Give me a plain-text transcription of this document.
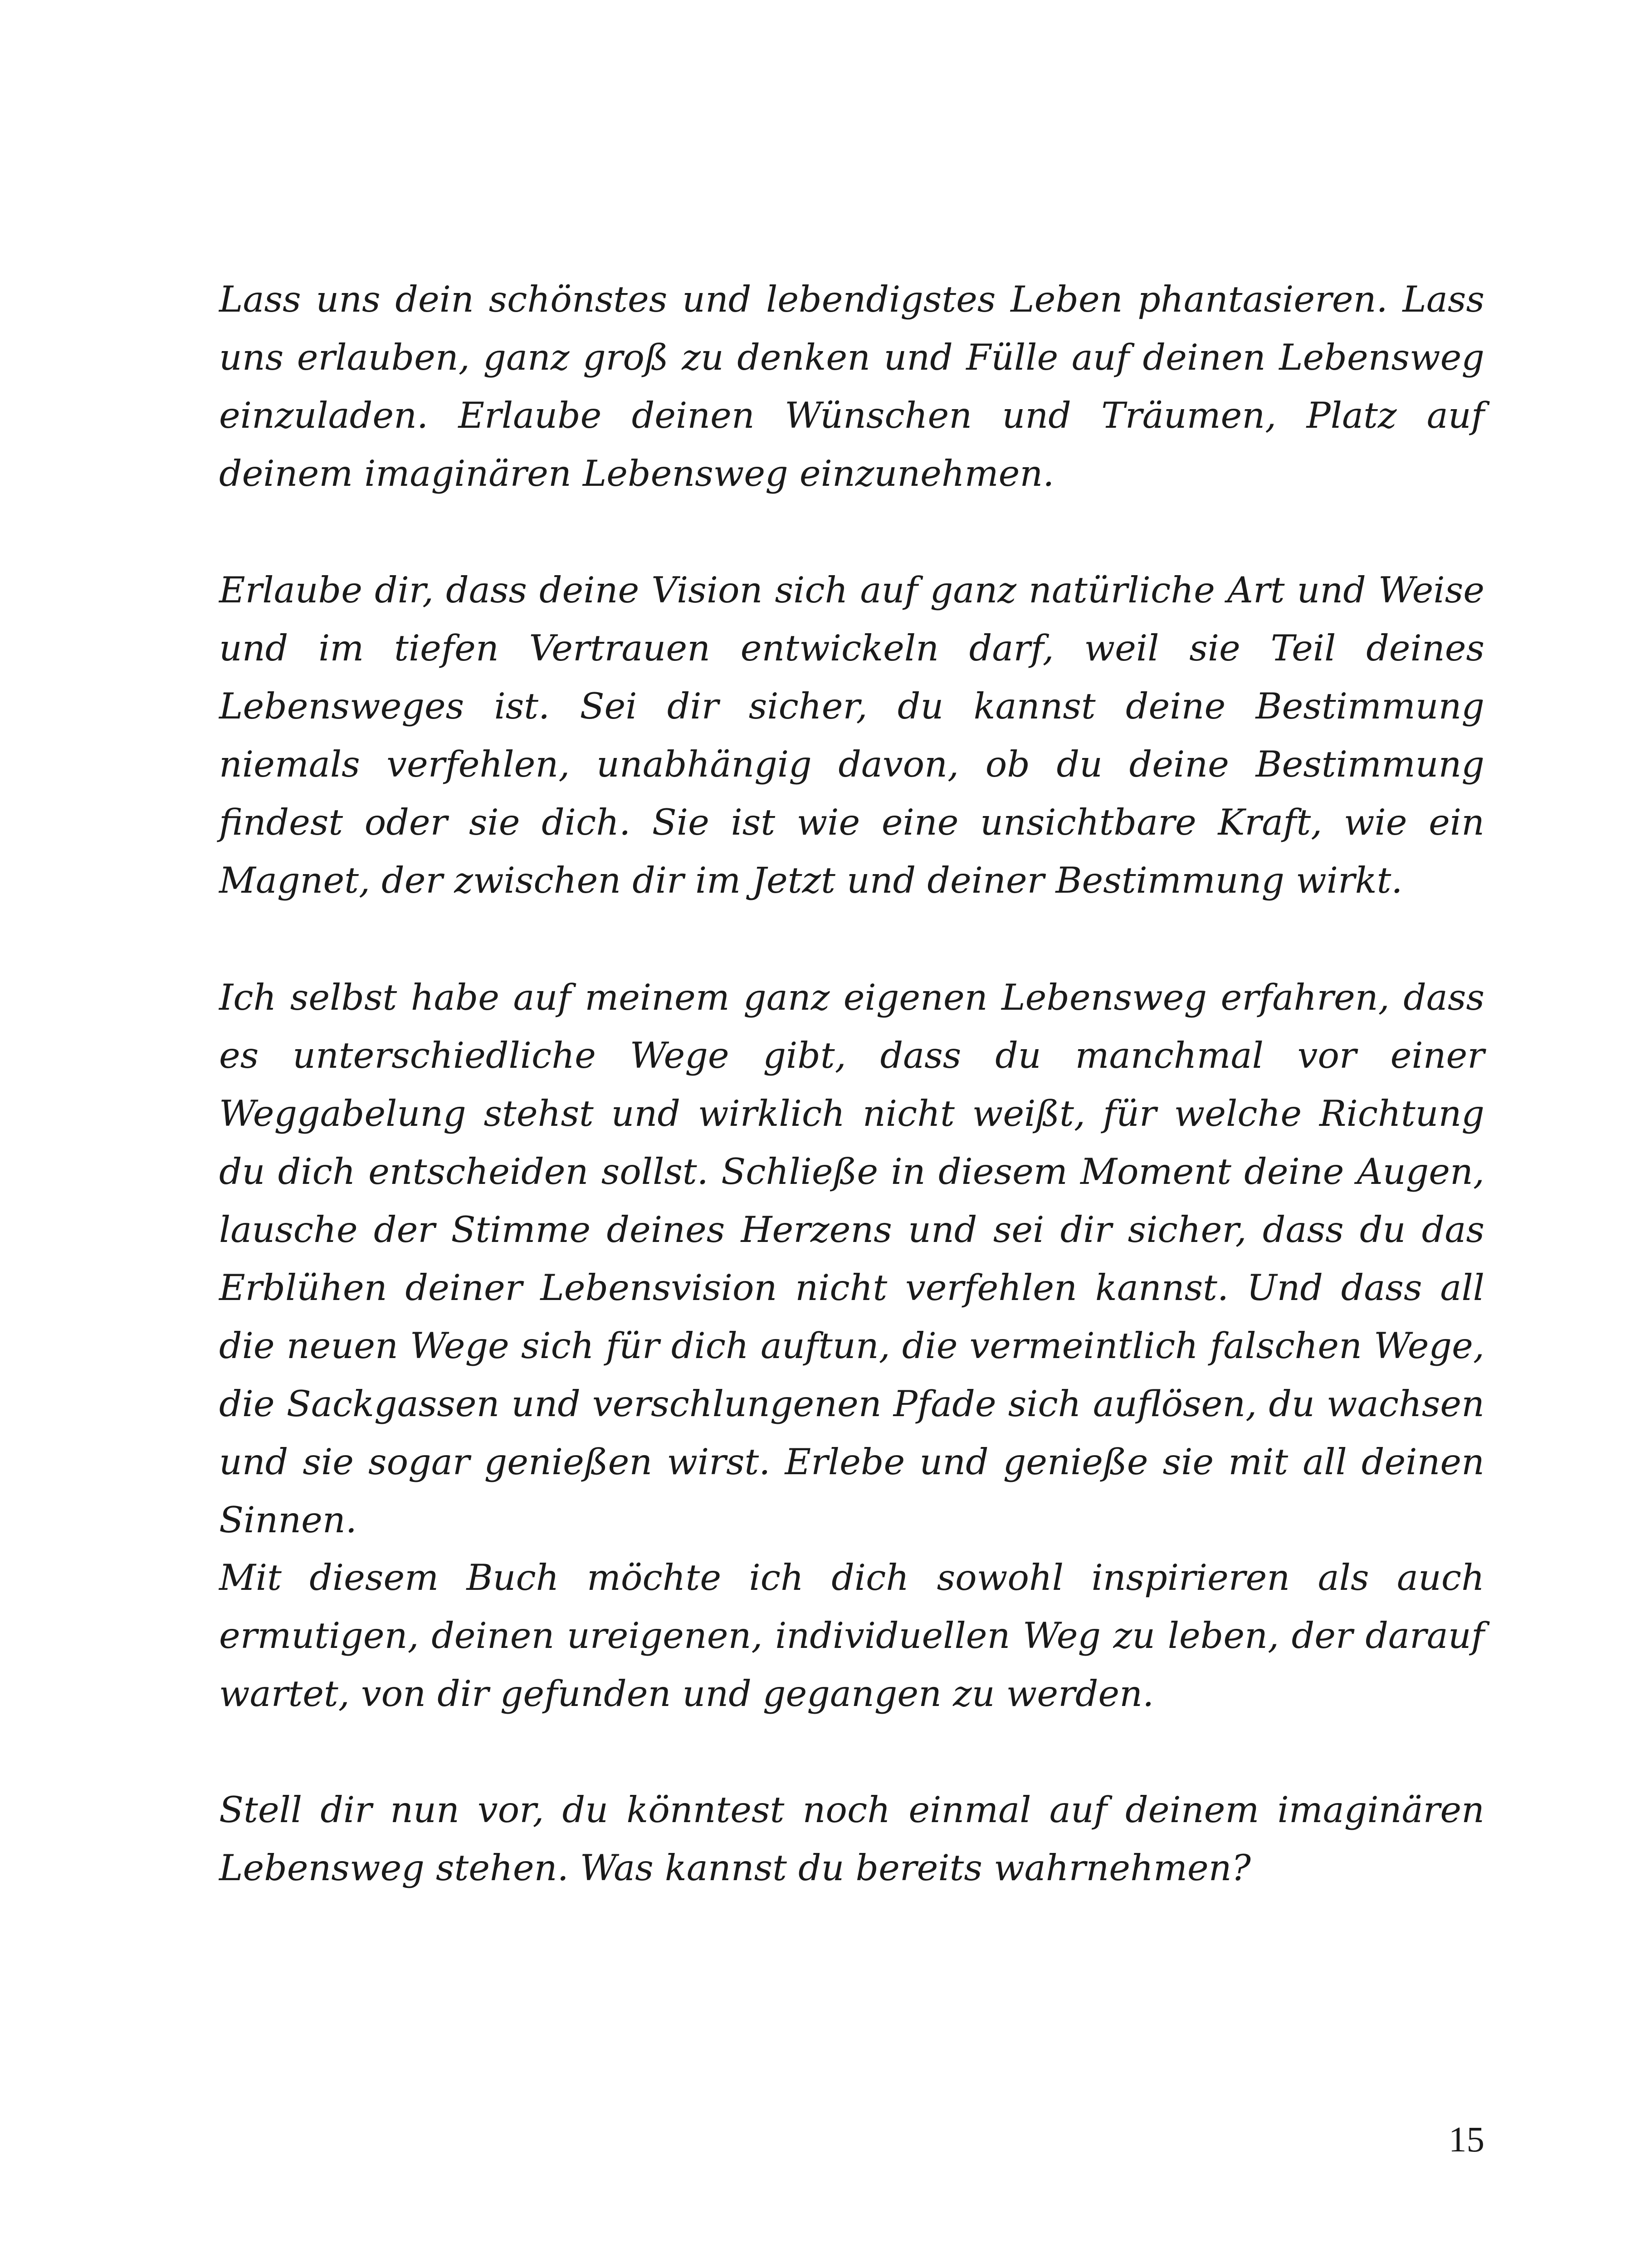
Lass uns dein schönstes und lebendigstes Leben phantasieren. Lass uns erlauben, ganz groß zu denken und Fülle auf deinen Lebensweg einzuladen. Erlaube deinen Wünschen und Träumen, Platz auf deinem imaginären Lebensweg einzunehmen.

Erlaube dir, dass deine Vision sich auf ganz natürliche Art und Weise und im tiefen Vertrauen entwickeln darf, weil sie Teil deines Lebensweges ist. Sei dir sicher, du kannst deine Bestimmung niemals verfehlen, unabhängig davon, ob du deine Bestimmung findest oder sie dich. Sie ist wie eine unsichtbare Kraft, wie ein Magnet, der zwischen dir im Jetzt und deiner Bestimmung wirkt.

Ich selbst habe auf meinem ganz eigenen Lebensweg erfahren, dass es unterschiedliche Wege gibt, dass du manchmal vor einer Weggabelung stehst und wirklich nicht weißt, für welche Richtung du dich entscheiden sollst. Schließe in diesem Moment deine Augen, lausche der Stimme deines Herzens und sei dir sicher, dass du das Erblühen deiner Lebensvision nicht verfehlen kannst. Und dass all die neuen Wege sich für dich auftun, die vermeintlich falschen Wege, die Sackgassen und verschlungenen Pfade sich auflösen, du wachsen und sie sogar genießen wirst. Erlebe und genieße sie mit all deinen Sinnen.

Mit diesem Buch möchte ich dich sowohl inspirieren als auch ermutigen, deinen ureigenen, individuellen Weg zu leben, der darauf wartet, von dir gefunden und gegangen zu werden.

Stell dir nun vor, du könntest noch einmal auf deinem imaginären Lebensweg stehen. Was kannst du bereits wahrnehmen?

15
